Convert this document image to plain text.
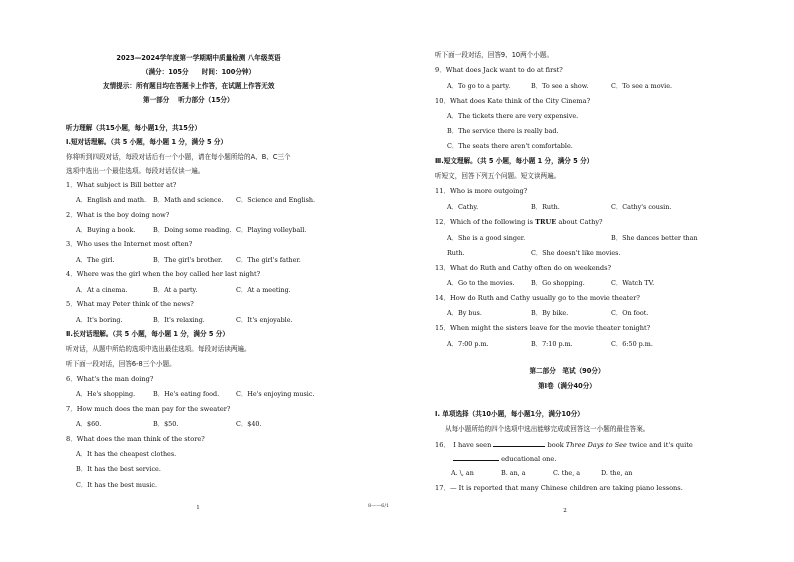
2023—2024学年度第一学期期中质量检测 八年级英语
（满分：105分　　时间：100分钟）
友情提示：所有题目均在答题卡上作答，在试题上作答无效
第一部分　 听力部分（15分）
听力理解（共15小题，每小题1分，共15分）
Ⅰ.短对话理解。（共 5 小题，每小题 1 分，满分 5 分）
你将听到四段对话，每段对话后有一个小题，请在每小题所给的A、B、C三个
选项中选出一个最佳选项。每段对话仅读一遍。
1．What subject is Bill better at?
A．English and math. B．Math and science. C．Science and English.
2．What is the boy doing now?
A．Buying a book.	B．Doing some reading. C．Playing volleyball.
3．Who uses the Internet most often?
A．The girl.	B．The girl's brother. C．The girl's father.
4．Where was the girl when the boy called her last night?
A．At a cinema.	B．At a party.	C．At a meeting.
5．What may Peter think of the news?
A．It's boring.	B．It's relaxing.	C．It's enjoyable.
Ⅱ.长对话理解。（共 5 小题，每小题 1 分，满分 5 分）
听对话，从题中所给的选项中选出最佳选项。每段对话读两遍。
听下面一段对话，回答6-8三个小题。
6．What's the man doing?
A．He's shopping.	B．He's eating food.	C．He's enjoying music.
7．How much does the man pay for the sweater?
A．$60.	B．$50.	C．$40.
8．What does the man think of the store?
A．It has the cheapest clothes.
B．It has the best service.
C．It has the best music.
1	8——6/1
听下面一段对话，回答9、10两个小题。
9．What does Jack want to do at first?
A．To go to a party.	B．To see a show.	C．To see a movie.
10．What does Kate think of the City Cinema?
A．The tickets there are very expensive.
B．The service there is really bad.
C．The seats there aren't comfortable.
Ⅲ.短文理解。（共 5 小题，每小题 1 分，满分 5 分）
听短文，回答下列五个问题。短文读两遍。
11．Who is more outgoing?
A．Cathy.	B．Ruth.	C．Cathy's cousin.
12．Which of the following is TRUE about Cathy?
A．She is a good singer.	B．She dances better than
Ruth.	C．She doesn't like movies.
13．What do Ruth and Cathy often do on weekends?
A．Go to the movies.	B．Go shopping.	C．Watch TV.
14．How do Ruth and Cathy usually go to the movie theater?
A．By bus.	B．By bike.	C．On foot.
15．When might the sisters leave for the movie theater tonight?
A．7:00 p.m.	B．7:10 p.m.	C．6:50 p.m.
第二部分　笔试（90分）
第Ⅰ卷（满分40分）
Ⅰ. 单项选择（共10小题，每小题1分，满分10分）
从每小题所给的四个选项中选出能够完成或回答这一小题的最佳答案。
16．　I have seen	book Three Days to See twice and it's quite
educational one.
A. \, an	B. an, a	C. the, a	D. the, an
17．— It is reported that many Chinese children are taking piano lessons.
2
